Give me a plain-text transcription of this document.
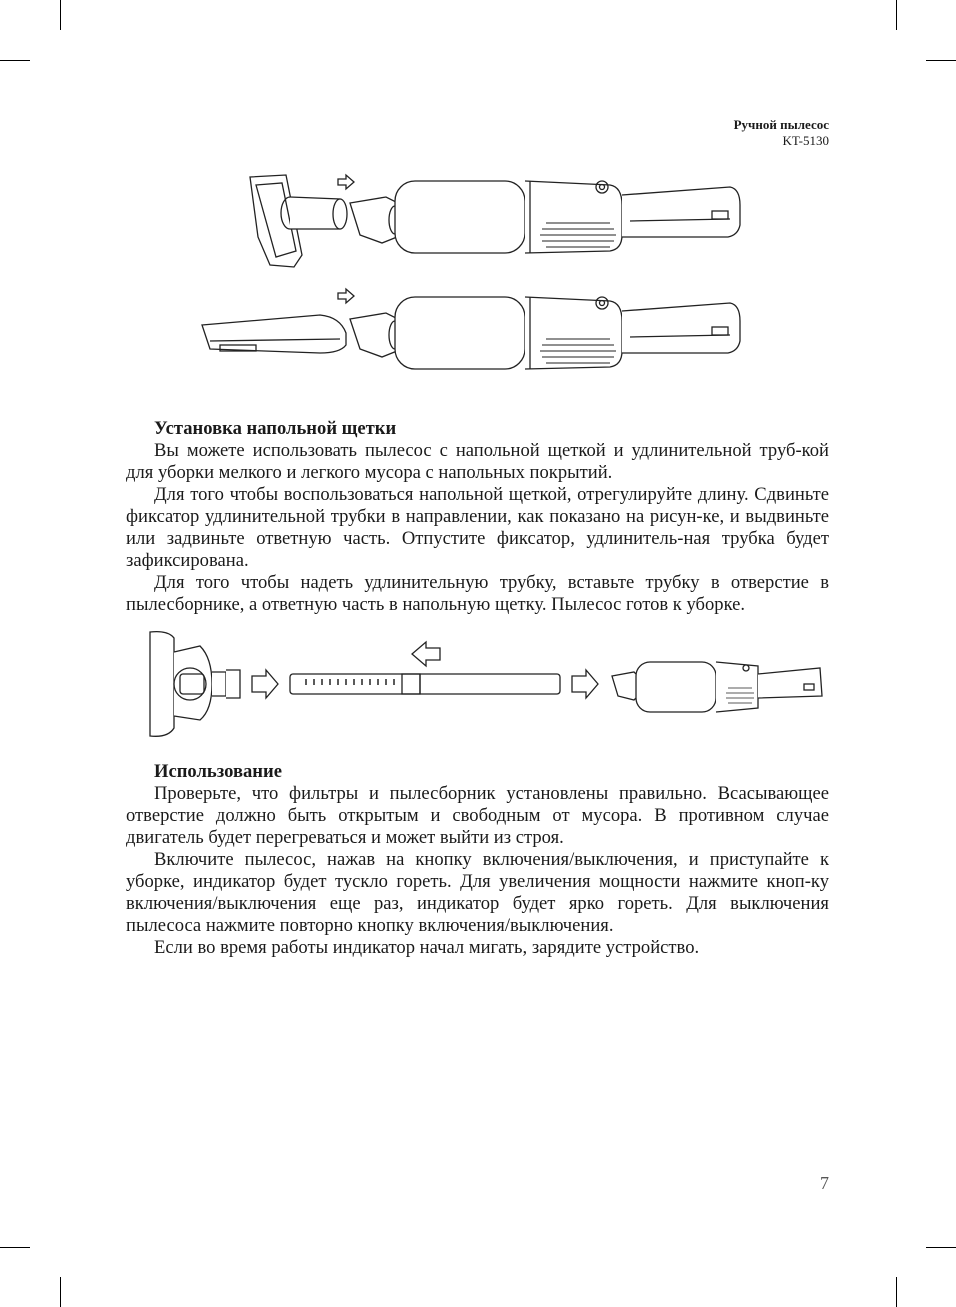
Ручной пылесос
KT-5130
Установка напольной щетки

Вы можете использовать пылесос с напольной щеткой и удлинительной труб-кой для уборки мелкого и легкого мусора с напольных покрытий.

Для того чтобы воспользоваться напольной щеткой, отрегулируйте длину. Сдвиньте фиксатор удлинительной трубки в направлении, как показано на рисун-ке, и выдвиньте или задвиньте ответную часть. Отпустите фиксатор, удлинитель-ная трубка будет зафиксирована.

Для того чтобы надеть удлинительную трубку, вставьте трубку в отверстие в пылесборнике, а ответную часть в напольную щетку. Пылесос готов к уборке.

Использование

Проверьте, что фильтры и пылесборник установлены правильно. Всасывающее отверстие должно быть открытым и свободным от мусора. В противном случае двигатель будет перегреваться и может выйти из строя.

Включите пылесос, нажав на кнопку включения/выключения, и приступайте к уборке, индикатор будет тускло гореть. Для увеличения мощности нажмите кноп-ку включения/выключения еще раз, индикатор будет ярко гореть. Для выключения пылесоса нажмите повторно кнопку включения/выключения.

Если во время работы индикатор начал мигать, зарядите устройство.

7
